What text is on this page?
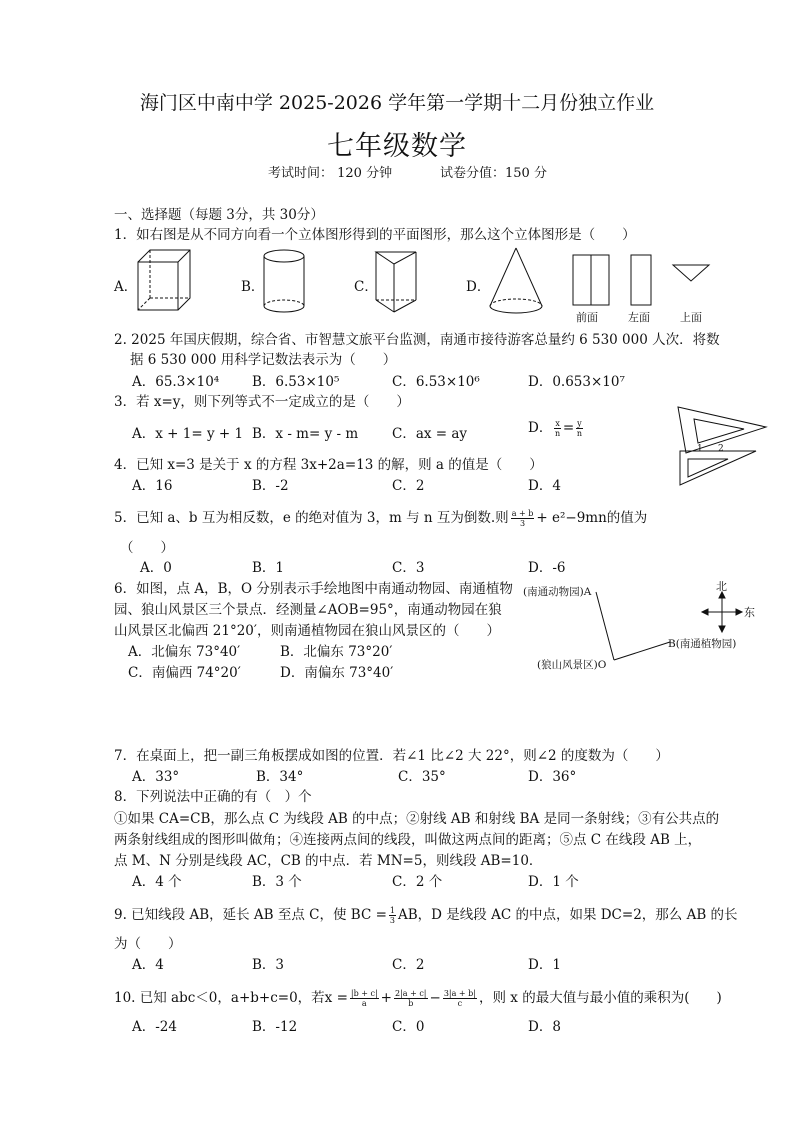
海门区中南中学 2025-2026 学年第一学期十二月份独立作业
七年级数学
考试时间： 120 分钟	试卷分值：150 分
一、选择题（每题 3分，共 30分）
1．如右图是从不同方向看一个立体图形得到的平面图形，那么这个立体图形是（　　）
A．	B．	C．	D．
前面	左面	上面
2. 2025 年国庆假期，综合省、市智慧文旅平台监测，南通市接待游客总量约 6 530 000 人次．将数
据 6 530 000 用科学记数法表示为（　　）
A．65.3×10⁴ B．6.53×10⁵	C．6.53×10⁶	D．0.653×10⁷
3．若 x=y，则下列等式不一定成立的是（　　）
A．x + 1= y + 1 B．x - m= y - m	C．ax = ay	D． $\frac{x}{n} = \frac{y}{n}$
1 2
4．已知 x=3 是关于 x 的方程 3x+2a=13 的解，则 a 的值是（　　）
A．16	B．-2	C．2	D．4
5．已知 a、b 互为相反数，e 的绝对值为 3，m 与 n 互为倒数.则 $\frac{a + b}{3} + e^2-9mn$的值为
（　　）
A．0	B．1	C．3	D．-6
6．如图，点 A，B，O 分别表示手绘地图中南通动物园、南通植物
园、狼山风景区三个景点．经测量∠AOB=95°，南通动物园在狼
山风景区北偏西 21°20′，则南通植物园在狼山风景区的（　　）
A．北偏东 73°40′	B．北偏东 73°20′
C．南偏西 74°20′	D．南偏东 73°40′
(南通动物园)A
B(南通植物园)
(狼山风景区)O
北
东
7．在桌面上，把一副三角板摆成如图的位置．若∠1 比∠2 大 22°，则∠2 的度数为（　　）
A．33°	B．34°	C．35°	D．36°
8．下列说法中正确的有（　）个
①如果 CA=CB，那么点 C 为线段 AB 的中点；②射线 AB 和射线 BA 是同一条射线；③有公共点的
两条射线组成的图形叫做角；④连接两点间的线段，叫做这两点间的距离；⑤点 C 在线段 AB 上，
点 M、N 分别是线段 AC，CB 的中点．若 MN=5，则线段 AB=10．
A．4 个	B．3 个	C．2 个	D．1 个
9. 已知线段 AB，延长 AB 至点 C，使 BC = $\frac{1}{3}$ AB，D 是线段 AC 的中点，如果 DC=2，那么 AB 的长
为（　　）
A．4	B．3	C．2	D．1
10. 已知 abc＜0，a+b+c=0，若$x = \frac{|b + c|}{a} + \frac{2|a + c|}{b} - \frac{3|a + b|}{c}$ ，则 x 的最大值与最小值的乘积为(　　)
A．-24	B．-12	C．0	D．8
